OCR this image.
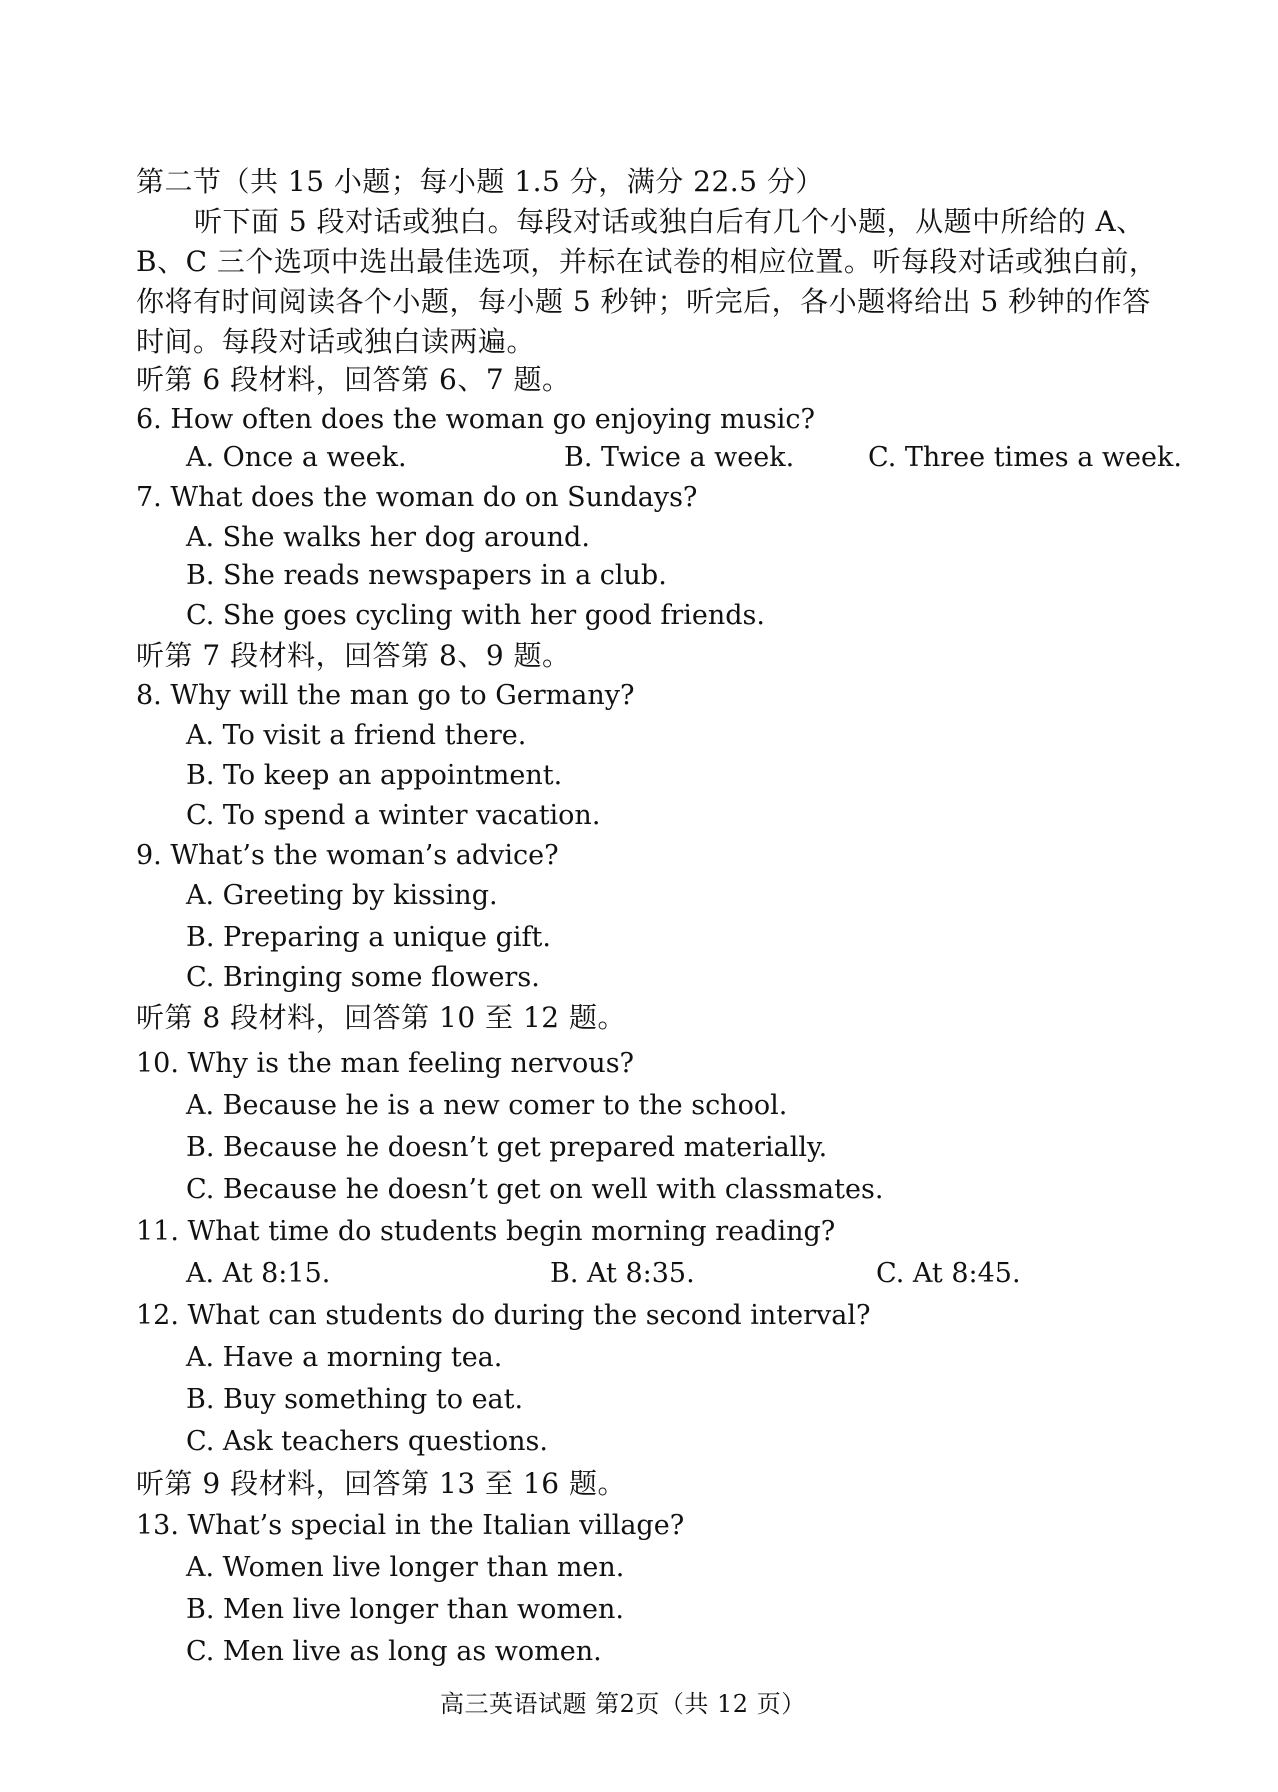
第二节（共 15 小题；每小题 1.5 分，满分 22.5 分）

听下面 5 段对话或独白。每段对话或独白后有几个小题，从题中所给的 A、

B、C 三个选项中选出最佳选项，并标在试卷的相应位置。听每段对话或独白前，

你将有时间阅读各个小题，每小题 5 秒钟；听完后，各小题将给出 5 秒钟的作答

时间。每段对话或独白读两遍。

听第 6 段材料，回答第 6、7 题。

6. How often does the woman go enjoying music?

A. Once a week.	B. Twice a week.	C. Three times a week.

7. What does the woman do on Sundays?

A. She walks her dog around.

B. She reads newspapers in a club.

C. She goes cycling with her good friends.

听第 7 段材料，回答第 8、9 题。

8. Why will the man go to Germany?

A. To visit a friend there.

B. To keep an appointment.

C. To spend a winter vacation.

9. What’s the woman’s advice?

A. Greeting by kissing.

B. Preparing a unique gift.

C. Bringing some flowers.

听第 8 段材料，回答第 10 至 12 题。

10. Why is the man feeling nervous?

A. Because he is a new comer to the school.

B. Because he doesn’t get prepared materially.

C. Because he doesn’t get on well with classmates.

11. What time do students begin morning reading?

A. At 8:15.	B. At 8:35.	C. At 8:45.

12. What can students do during the second interval?

A. Have a morning tea.

B. Buy something to eat.

C. Ask teachers questions.

听第 9 段材料，回答第 13 至 16 题。

13. What’s special in the Italian village?

A. Women live longer than men.

B. Men live longer than women.

C. Men live as long as women.

高三英语试题 第2页（共 12 页）
